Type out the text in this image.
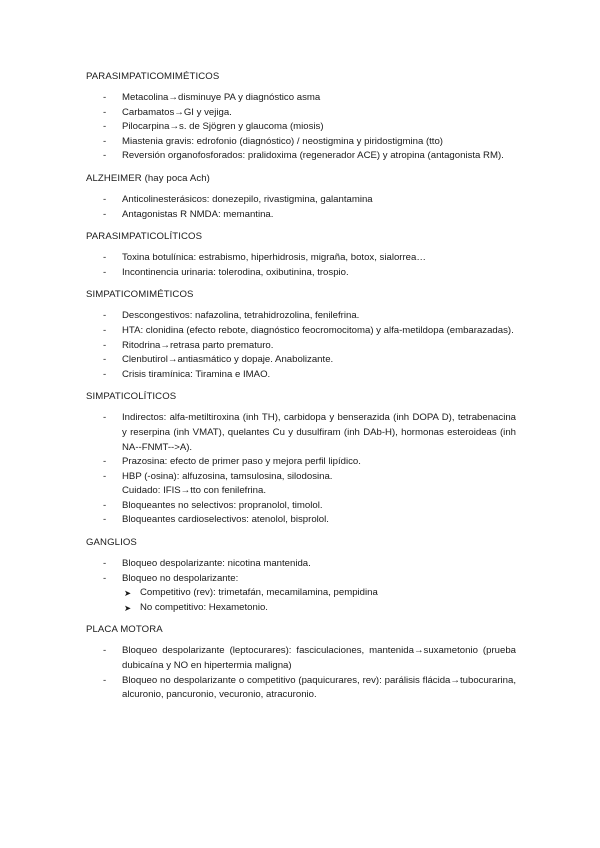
PARASIMPATICOMIMÉTICOS
- Metacolina→disminuye PA y diagnóstico asma
- Carbamatos→GI y vejiga.
- Pilocarpina→s. de Sjögren y glaucoma (miosis)
- Miastenia gravis: edrofonio (diagnóstico) / neostigmina y piridostigmina (tto)
- Reversión organofosforados: pralidoxima (regenerador ACE) y atropina (antagonista RM).
ALZHEIMER (hay poca Ach)
- Anticolinesterásicos: donezepilo, rivastigmina, galantamina
- Antagonistas R NMDA: memantina.
PARASIMPATICOLÍTICOS
- Toxina botulínica: estrabismo, hiperhidrosis, migraña, botox, sialorrea…
- Incontinencia urinaria: tolerodina, oxibutinina, trospio.
SIMPATICOMIMÉTICOS
- Descongestivos: nafazolina, tetrahidrozolina, fenilefrina.
- HTA: clonidina (efecto rebote, diagnóstico feocromocitoma) y alfa-metildopa (embarazadas).
- Ritodrina→retrasa parto prematuro.
- Clenbutirol→antiasmático y dopaje. Anabolizante.
- Crisis tiramínica: Tiramina e IMAO.
SIMPATICOLÍTICOS
- Indirectos: alfa-metiltiroxina (inh TH), carbidopa y benserazida (inh DOPA D), tetrabenacina y reserpina (inh VMAT), quelantes Cu y dusulfiram (inh DAb-H), hormonas esteroideas (inh NA--FNMT-->A).
- Prazosina: efecto de primer paso y mejora perfil lipídico.
- HBP (-osina): alfuzosina, tamsulosina, silodosina.
Cuidado: IFIS→tto con fenilefrina.
- Bloqueantes no selectivos: propranolol, timolol.
- Bloqueantes cardioselectivos: atenolol, bisprolol.
GANGLIOS
- Bloqueo despolarizante: nicotina mantenida.
- Bloqueo no despolarizante:
➤ Competitivo (rev): trimetafán, mecamilamina, pempidina
➤ No competitivo: Hexametonio.
PLACA MOTORA
- Bloqueo despolarizante (leptocurares): fasciculaciones, mantenida→suxametonio (prueba dubicaína y NO en hipertermia maligna)
- Bloqueo no despolarizante o competitivo (paquicurares, rev): parálisis flácida→tubocurarina, alcuronio, pancuronio, vecuronio, atracuronio.
